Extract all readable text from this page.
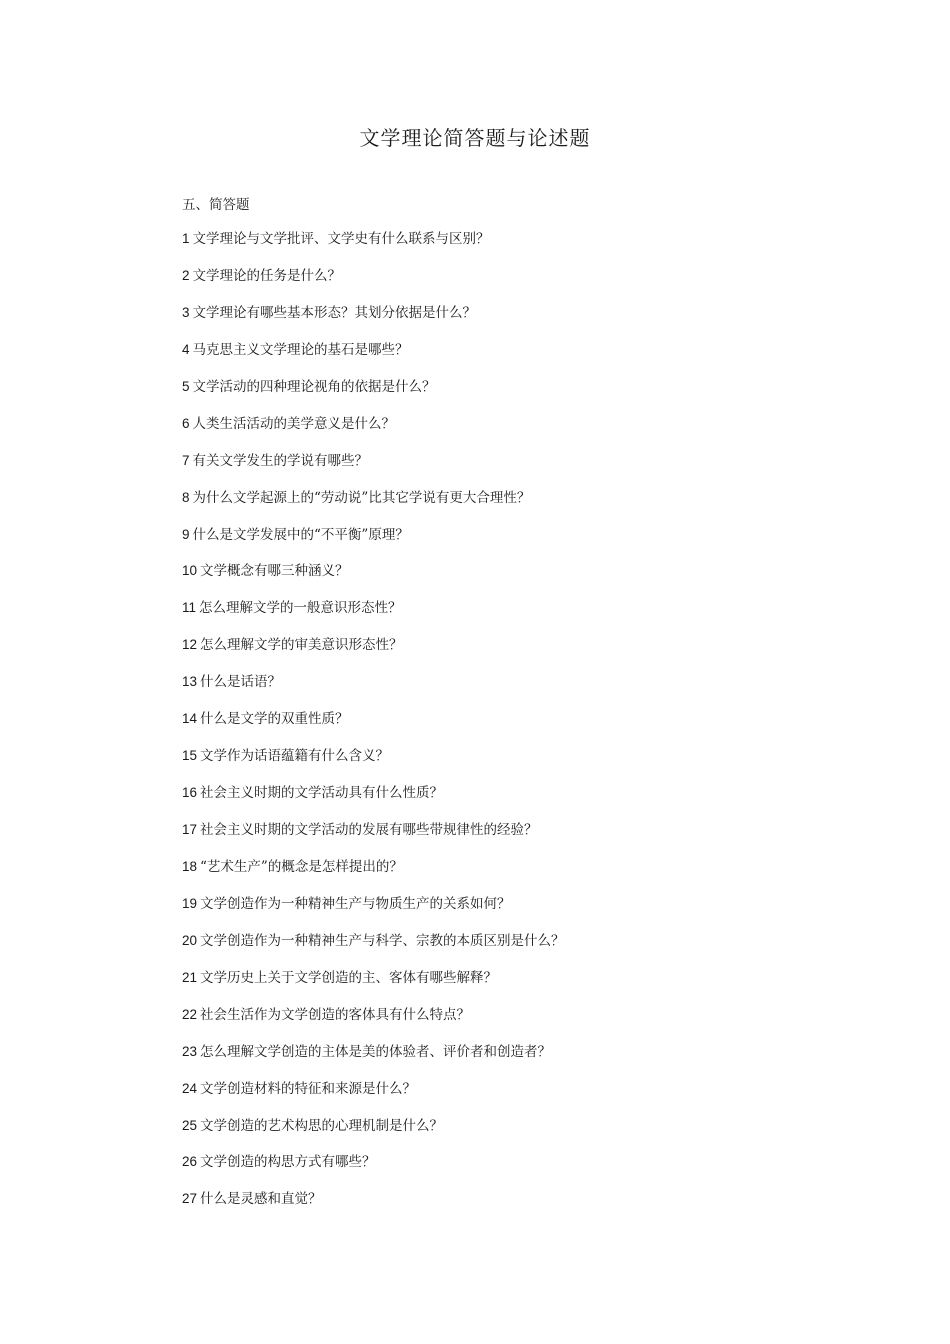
文学理论简答题与论述题

五、简答题

1 文学理论与文学批评、文学史有什么联系与区别？
2 文学理论的任务是什么？
3 文学理论有哪些基本形态？其划分依据是什么？
4 马克思主义文学理论的基石是哪些？
5 文学活动的四种理论视角的依据是什么？
6 人类生活活动的美学意义是什么？
7 有关文学发生的学说有哪些？
8 为什么文学起源上的“劳动说”比其它学说有更大合理性？
9 什么是文学发展中的“不平衡”原理？
10 文学概念有哪三种涵义？
11 怎么理解文学的一般意识形态性？
12 怎么理解文学的审美意识形态性？
13 什么是话语？
14 什么是文学的双重性质？
15 文学作为话语蕴籍有什么含义？
16 社会主义时期的文学活动具有什么性质？
17 社会主义时期的文学活动的发展有哪些带规律性的经验？
18 “艺术生产”的概念是怎样提出的？
19 文学创造作为一种精神生产与物质生产的关系如何？
20 文学创造作为一种精神生产与科学、宗教的本质区别是什么？
21 文学历史上关于文学创造的主、客体有哪些解释？
22 社会生活作为文学创造的客体具有什么特点？
23 怎么理解文学创造的主体是美的体验者、评价者和创造者？
24 文学创造材料的特征和来源是什么？
25 文学创造的艺术构思的心理机制是什么？
26 文学创造的构思方式有哪些？
27 什么是灵感和直觉？
